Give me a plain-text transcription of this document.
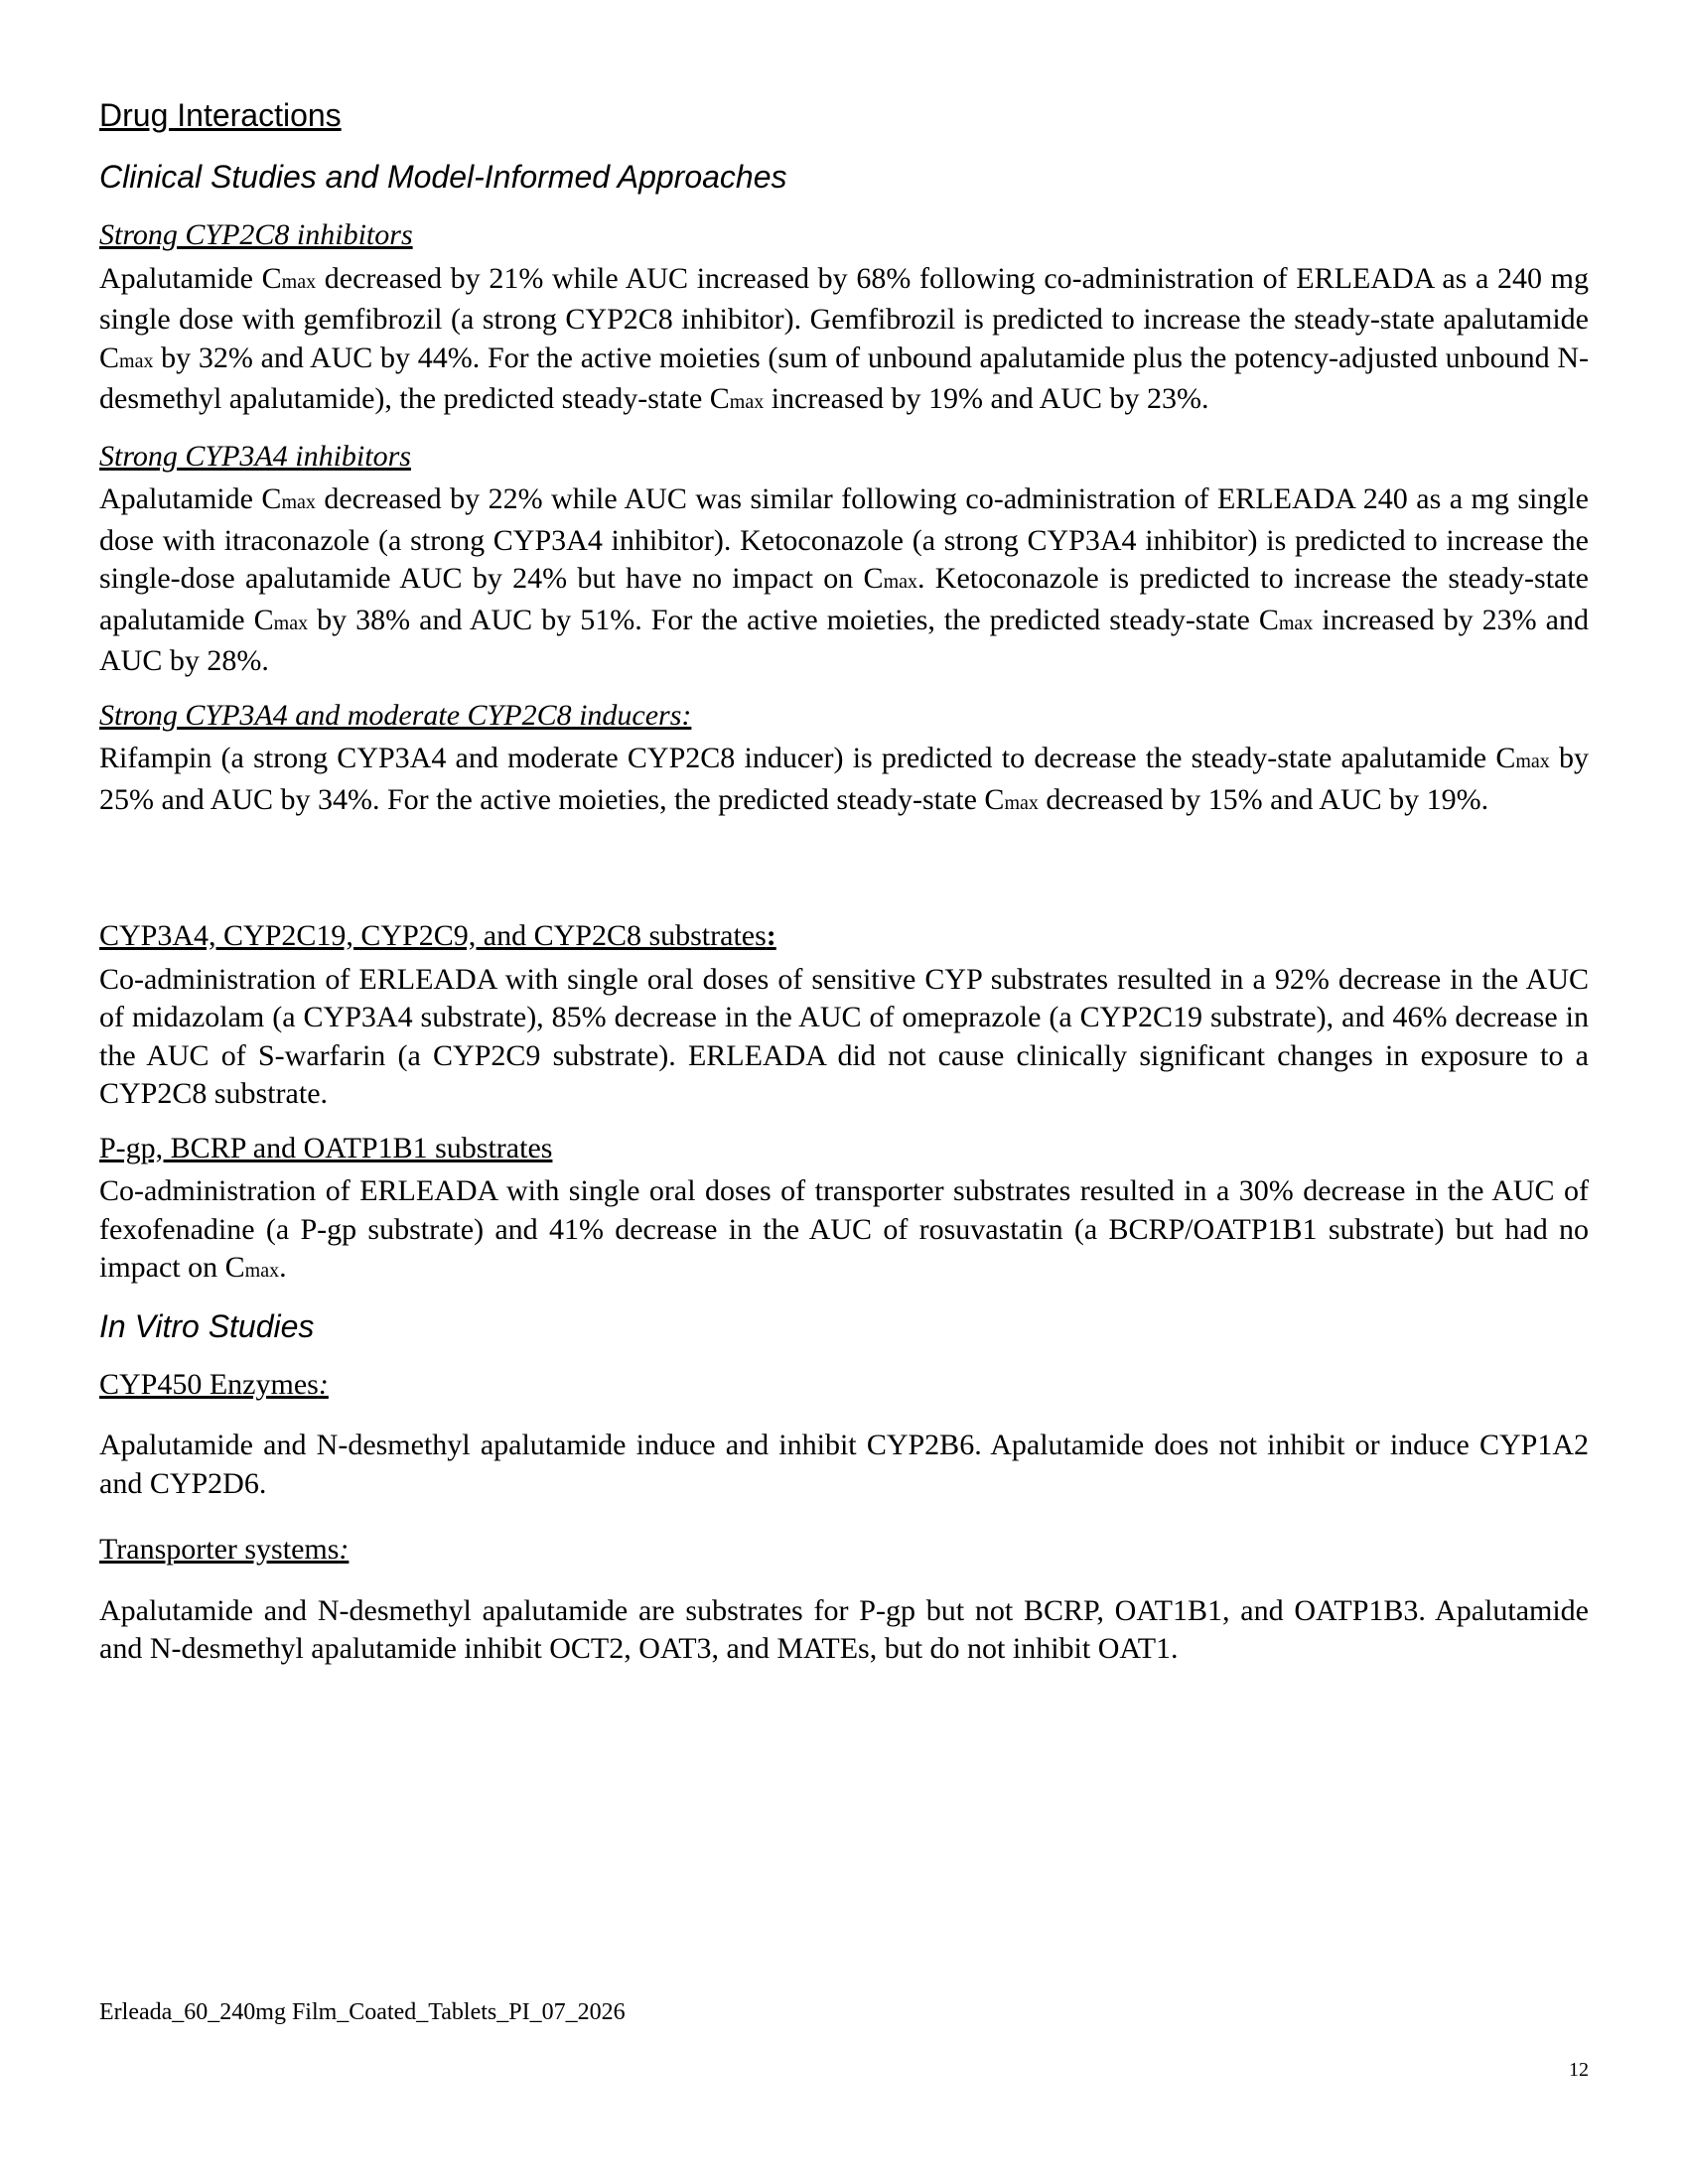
Drug Interactions
Clinical Studies and Model-Informed Approaches
Strong CYP2C8 inhibitors

Apalutamide Cmax decreased by 21% while AUC increased by 68% following co-administration of ERLEADA as a 240 mg single dose with gemfibrozil (a strong CYP2C8 inhibitor). Gemfibrozil is predicted to increase the steady-state apalutamide Cmax by 32% and AUC by 44%. For the active moieties (sum of unbound apalutamide plus the potency-adjusted unbound N-desmethyl apalutamide), the predicted steady-state Cmax increased by 19% and AUC by 23%.

Strong CYP3A4 inhibitors

Apalutamide Cmax decreased by 22% while AUC was similar following co-administration of ERLEADA 240 as a mg single dose with itraconazole (a strong CYP3A4 inhibitor). Ketoconazole (a strong CYP3A4 inhibitor) is predicted to increase the single-dose apalutamide AUC by 24% but have no impact on Cmax. Ketoconazole is predicted to increase the steady-state apalutamide Cmax by 38% and AUC by 51%. For the active moieties, the predicted steady-state Cmax increased by 23% and AUC by 28%.

Strong CYP3A4 and moderate CYP2C8 inducers:

Rifampin (a strong CYP3A4 and moderate CYP2C8 inducer) is predicted to decrease the steady-state apalutamide Cmax by 25% and AUC by 34%. For the active moieties, the predicted steady-state Cmax decreased by 15% and AUC by 19%.

CYP3A4, CYP2C19, CYP2C9, and CYP2C8 substrates:

Co-administration of ERLEADA with single oral doses of sensitive CYP substrates resulted in a 92% decrease in the AUC of midazolam (a CYP3A4 substrate), 85% decrease in the AUC of omeprazole (a CYP2C19 substrate), and 46% decrease in the AUC of S-warfarin (a CYP2C9 substrate). ERLEADA did not cause clinically significant changes in exposure to a CYP2C8 substrate.

P-gp, BCRP and OATP1B1 substrates

Co-administration of ERLEADA with single oral doses of transporter substrates resulted in a 30% decrease in the AUC of fexofenadine (a P-gp substrate) and 41% decrease in the AUC of rosuvastatin (a BCRP/OATP1B1 substrate) but had no impact on Cmax.

In Vitro Studies
CYP450 Enzymes:

Apalutamide and N-desmethyl apalutamide induce and inhibit CYP2B6. Apalutamide does not inhibit or induce CYP1A2 and CYP2D6.

Transporter systems:

Apalutamide and N-desmethyl apalutamide are substrates for P-gp but not BCRP, OAT1B1, and OATP1B3. Apalutamide and N-desmethyl apalutamide inhibit OCT2, OAT3, and MATEs, but do not inhibit OAT1.

Erleada_60_240mg Film_Coated_Tablets_PI_07_2026
12
